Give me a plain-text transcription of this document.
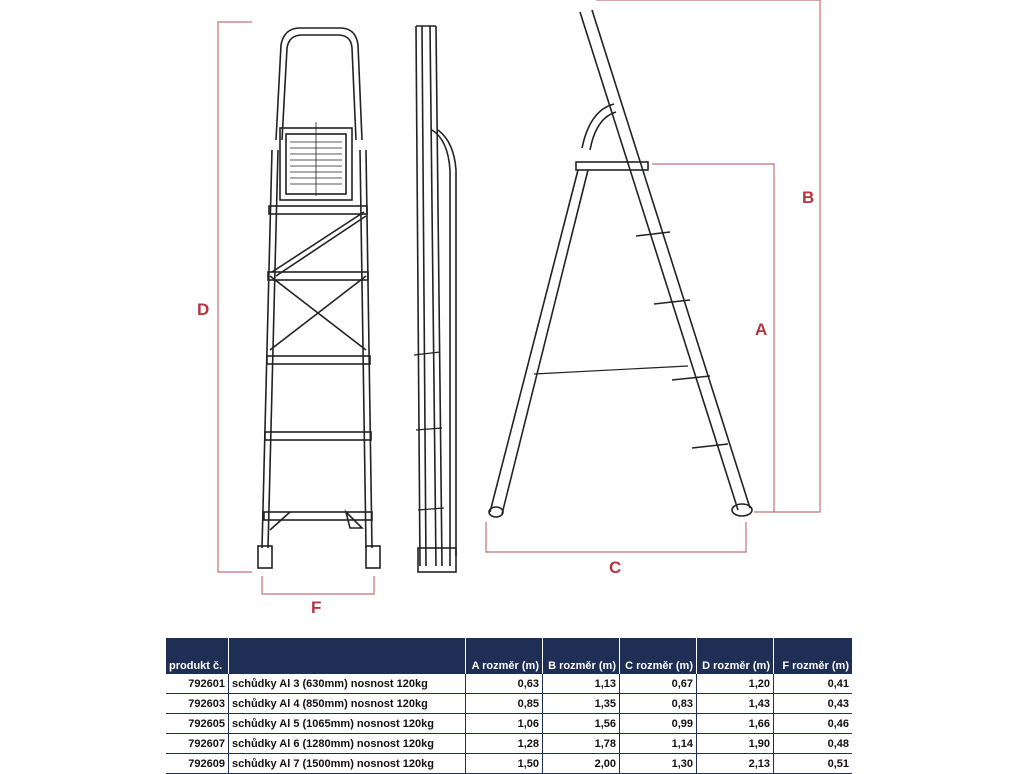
D
F
C
A
B
produkt č.		A rozměr (m)	B rozměr (m)	C rozměr (m)	D rozměr (m)	F rozměr (m)
792601	schůdky Al 3 (630mm) nosnost 120kg	0,63	1,13	0,67	1,20	0,41
792603	schůdky Al 4 (850mm) nosnost 120kg	0,85	1,35	0,83	1,43	0,43
792605	schůdky Al 5 (1065mm) nosnost 120kg	1,06	1,56	0,99	1,66	0,46
792607	schůdky Al 6 (1280mm) nosnost 120kg	1,28	1,78	1,14	1,90	0,48
792609	schůdky Al 7 (1500mm) nosnost 120kg	1,50	2,00	1,30	2,13	0,51
